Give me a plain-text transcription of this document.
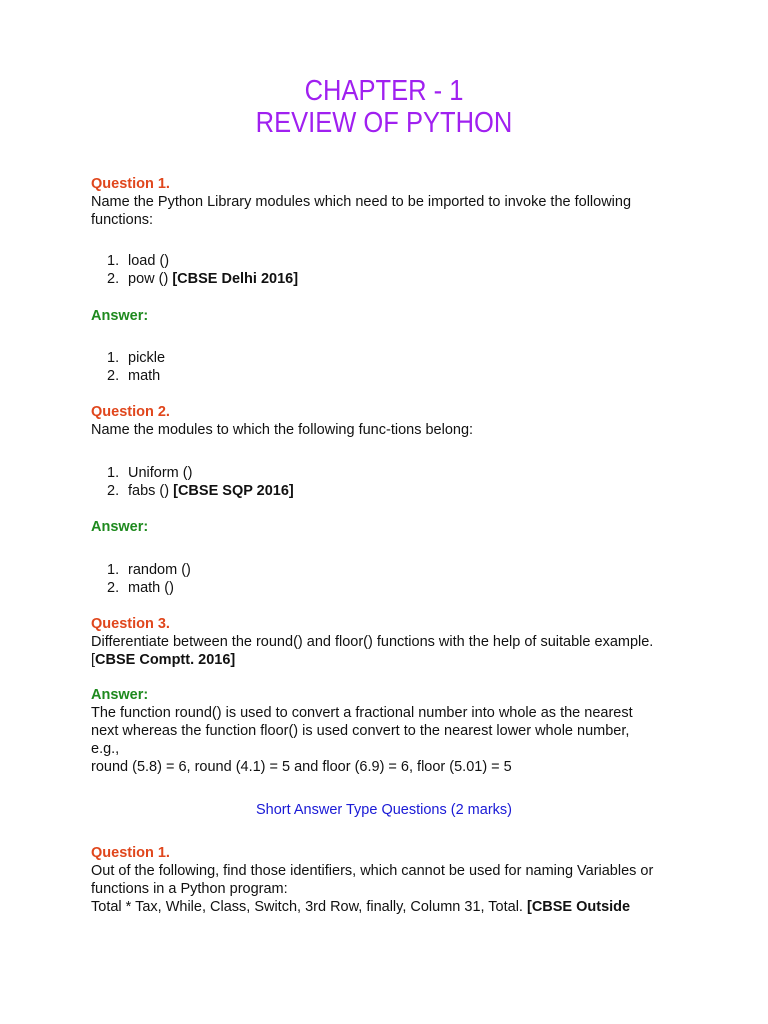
CHAPTER - 1
REVIEW OF PYTHON
Question 1.
Name the Python Library modules which need to be imported to invoke the following
functions:
1. load ()
2. pow () [CBSE Delhi 2016]
Answer:
1. pickle
2. math
Question 2.
Name the modules to which the following func-tions belong:
1. Uniform ()
2. fabs () [CBSE SQP 2016]
Answer:
1. random ()
2. math ()
Question 3.
Differentiate between the round() and floor() functions with the help of suitable example.
[CBSE Comptt. 2016]
Answer:
The function round() is used to convert a fractional number into whole as the nearest
next whereas the function floor() is used convert to the nearest lower whole number,
e.g.,
round (5.8) = 6, round (4.1) = 5 and floor (6.9) = 6, floor (5.01) = 5
Short Answer Type Questions (2 marks)
Question 1.
Out of the following, find those identifiers, which cannot be used for naming Variables or
functions in a Python program:
Total * Tax, While, Class, Switch, 3rd Row, finally, Column 31, Total. [CBSE Outside
